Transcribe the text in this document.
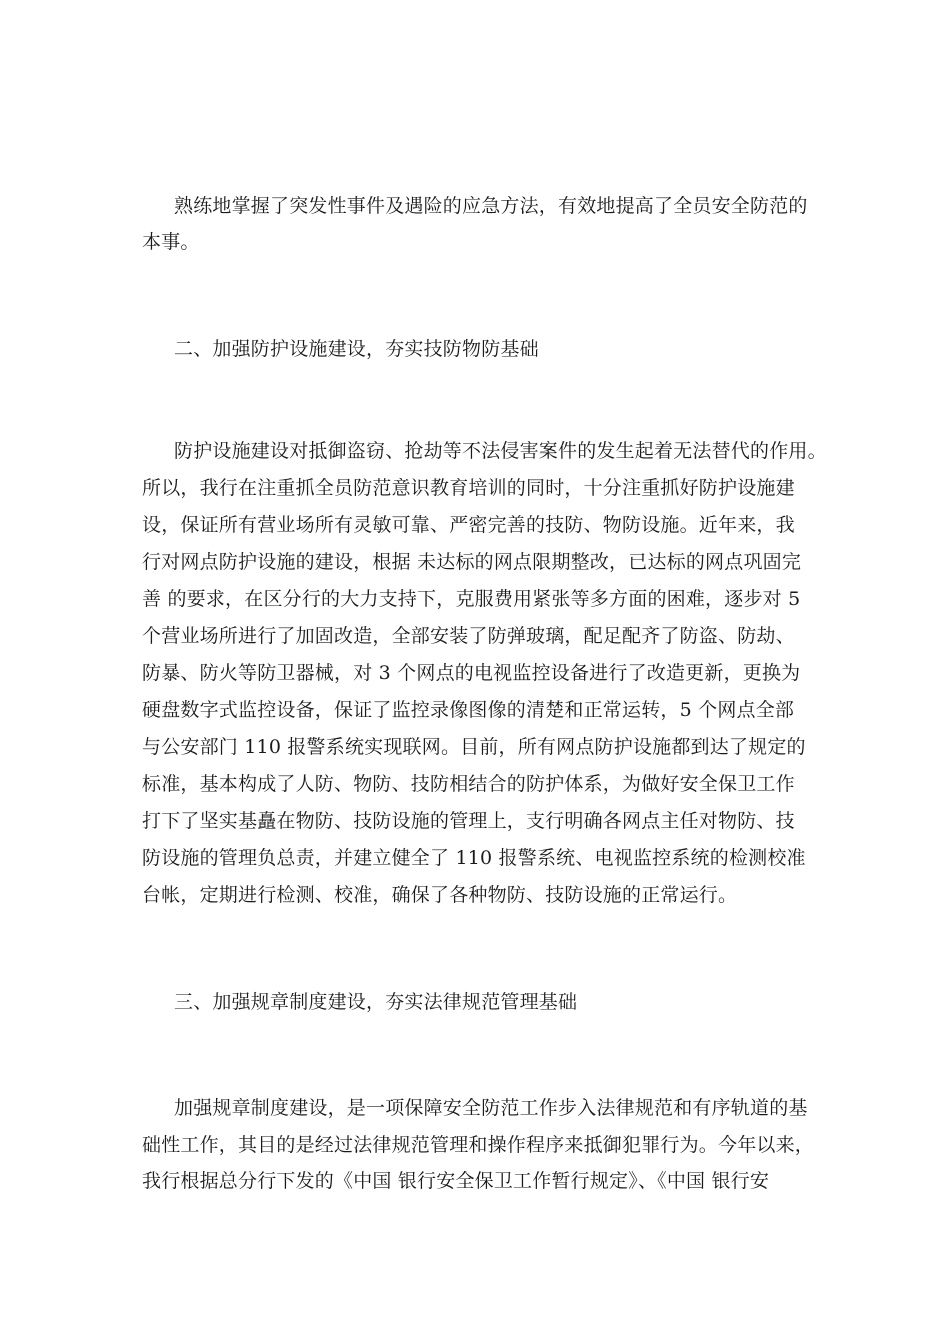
熟练地掌握了突发性事件及遇险的应急方法，有效地提高了全员安全防范的
本事。
二、加强防护设施建设，夯实技防物防基础
防护设施建设对抵御盗窃、抢劫等不法侵害案件的发生起着无法替代的作用。
所以，我行在注重抓全员防范意识教育培训的同时，十分注重抓好防护设施建
设，保证所有营业场所有灵敏可靠、严密完善的技防、物防设施。近年来，我
行对网点防护设施的建设，根据 未达标的网点限期整改，已达标的网点巩固完
善 的要求，在区分行的大力支持下，克服费用紧张等多方面的困难，逐步对 5
个营业场所进行了加固改造，全部安装了防弹玻璃，配足配齐了防盗、防劫、
防暴、防火等防卫器械，对 3 个网点的电视监控设备进行了改造更新，更换为
硬盘数字式监控设备，保证了监控录像图像的清楚和正常运转，5 个网点全部
与公安部门 110 报警系统实现联网。目前，所有网点防护设施都到达了规定的
标准，基本构成了人防、物防、技防相结合的防护体系，为做好安全保卫工作
打下了坚实基矗在物防、技防设施的管理上，支行明确各网点主任对物防、技
防设施的管理负总责，并建立健全了 110 报警系统、电视监控系统的检测校准
台帐，定期进行检测、校准，确保了各种物防、技防设施的正常运行。
三、加强规章制度建设，夯实法律规范管理基础
加强规章制度建设，是一项保障安全防范工作步入法律规范和有序轨道的基
础性工作，其目的是经过法律规范管理和操作程序来抵御犯罪行为。今年以来，
我行根据总分行下发的《中国 银行安全保卫工作暂行规定》、《中国 银行安
